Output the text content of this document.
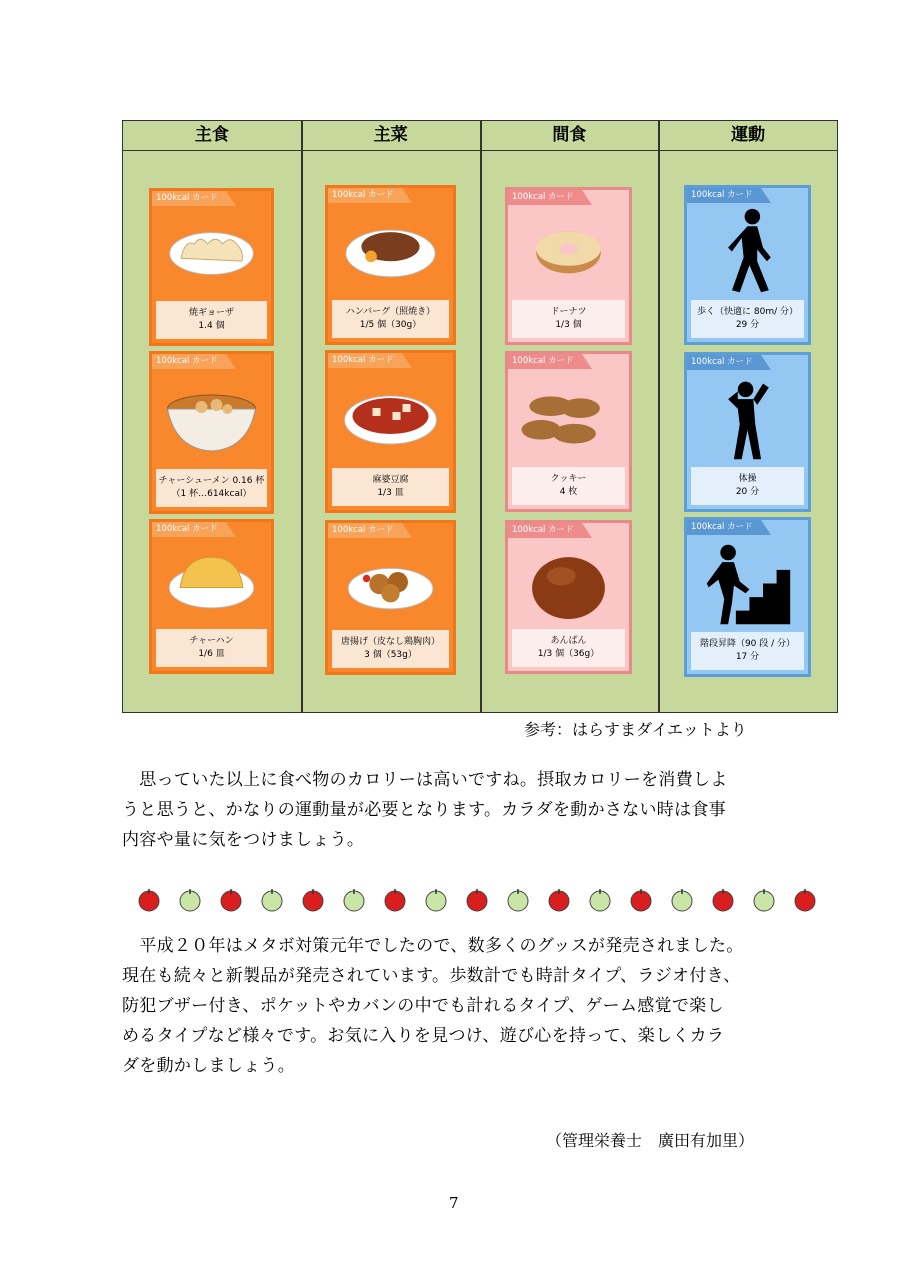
主食	主菜	間食	運動
100kcal カード
焼ギョーザ
1.4 個
100kcal カード
チャーシューメン 0.16 杯
（1 杯…614kcal）
100kcal カード
チャーハン
1/6 皿
100kcal カード
ハンバーグ（照焼き）
1/5 個（30g）
100kcal カード
麻婆豆腐
1/3 皿
100kcal カード
唐揚げ（皮なし鶏胸肉）
3 個（53g）
100kcal カード
ドーナツ
1/3 個
100kcal カード
クッキー
4 枚
100kcal カード
あんぱん
1/3 個（36g）
100kcal カード
歩く（快適に 80m/ 分）
29 分
100kcal カード
体操
20 分
100kcal カード
階段昇降（90 段 / 分）
17 分
参考：はらすまダイエットより
　思っていた以上に食べ物のカロリーは高いですね。摂取カロリーを消費しよ
うと思うと、かなりの運動量が必要となります。カラダを動かさない時は食事
内容や量に気をつけましょう。
　平成２０年はメタボ対策元年でしたので、数多くのグッスが発売されました。
現在も続々と新製品が発売されています。歩数計でも時計タイプ、ラジオ付き、
防犯ブザー付き、ポケットやカバンの中でも計れるタイプ、ゲーム感覚で楽し
めるタイプなど様々です。お気に入りを見つけ、遊び心を持って、楽しくカラ
ダを動かしましょう。
（管理栄養士　廣田有加里）
7
